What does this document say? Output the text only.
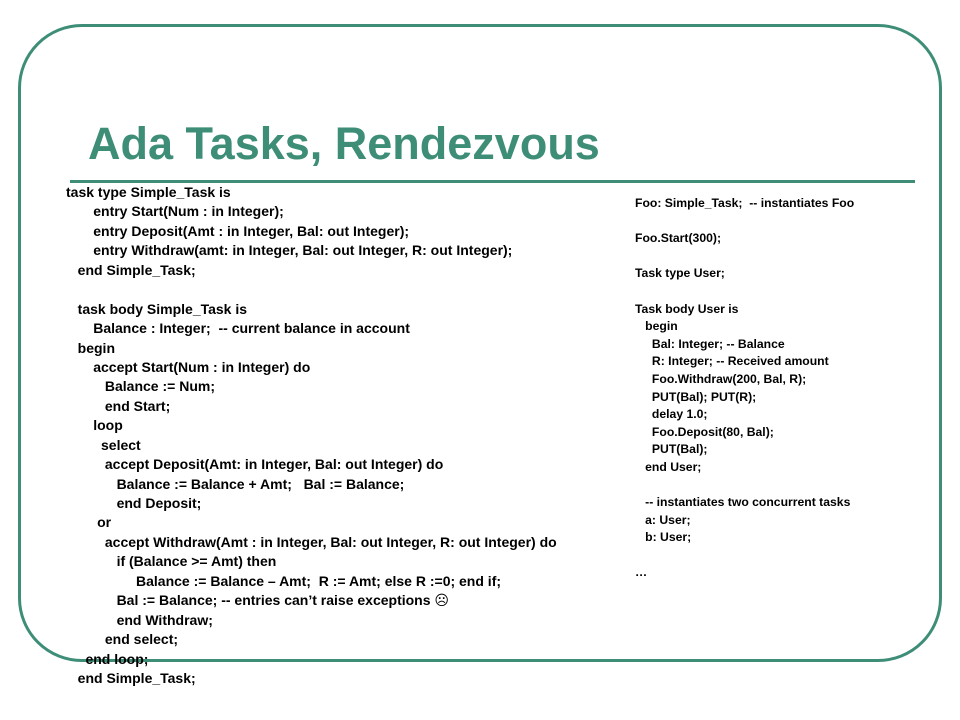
Ada Tasks, Rendezvous
task type Simple_Task is
entry Start(Num : in Integer);
entry Deposit(Amt : in Integer, Bal: out Integer);
entry Withdraw(amt: in Integer, Bal: out Integer, R: out Integer);
end Simple_Task;
task body Simple_Task is
Balance : Integer;  -- current balance in account
begin
accept Start(Num : in Integer) do
Balance := Num;
end Start;
loop
select
accept Deposit(Amt: in Integer, Bal: out Integer) do
Balance := Balance + Amt;   Bal := Balance;
end Deposit;
or
accept Withdraw(Amt : in Integer, Bal: out Integer, R: out Integer) do
if (Balance >= Amt) then
Balance := Balance – Amt;  R := Amt; else R :=0; end if;
Bal := Balance; -- entries can’t raise exceptions ☹
end Withdraw;
end select;
end loop;
end Simple_Task;
Foo: Simple_Task;  -- instantiates Foo
Foo.Start(300);
Task type User;
Task body User is
begin
Bal: Integer; -- Balance
R: Integer; -- Received amount
Foo.Withdraw(200, Bal, R);
PUT(Bal); PUT(R);
delay 1.0;
Foo.Deposit(80, Bal);
PUT(Bal);
end User;
-- instantiates two concurrent tasks
a: User;
b: User;
…
